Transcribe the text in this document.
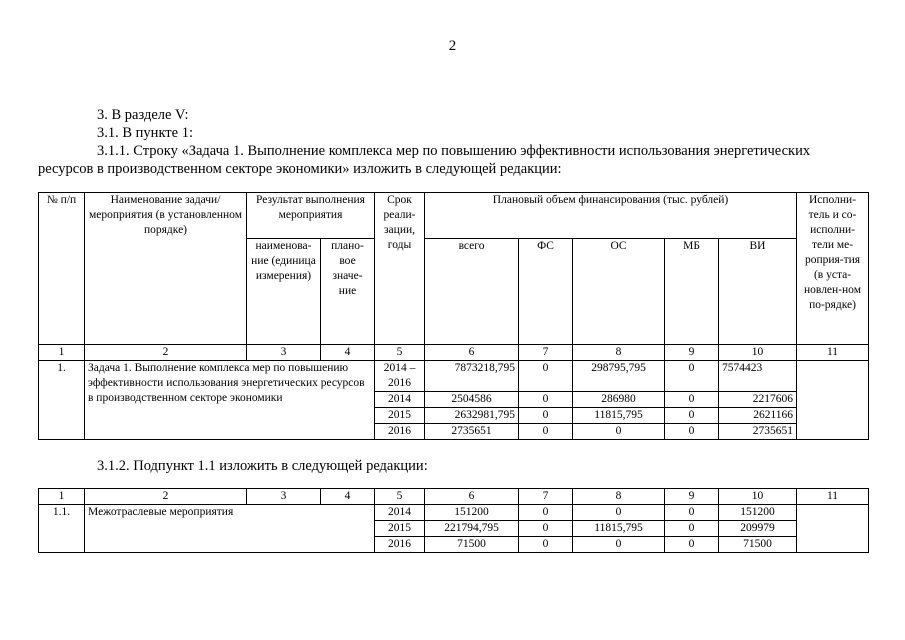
2
3. В разделе V:
3.1. В пункте 1:
3.1.1. Строку «Задача 1. Выполнение комплекса мер по повышению эффективности использования энергетических
ресурсов в производственном секторе экономики» изложить в следующей редакции:
№ п/п	Наименование задачи/мероприятия (в установленном порядке)	Результат выполнения мероприятия		Срок реали-зации, годы	Плановый объем финансирования (тыс. рублей)					Исполни-тель и со-исполни-тели ме-роприя-тия (в уста-новлен-ном по-рядке)
		наименова-ние (единица измерения)	плано-вое значе-ние		всего	ФС	ОС	МБ	ВИ	
1	2	3	4	5	6	7	8	9	10	11
1.	Задача 1. Выполнение комплекса мер по повышению эффективности использования энергетических ресурсов в производственном секторе экономики			2014 – 2016	7873218,795	0	298795,795	0	7574423	
				2014	2504586	0	286980	0	2217606	
				2015	2632981,795	0	11815,795	0	2621166	
				2016	2735651	0	0	0	2735651	
3.1.2. Подпункт 1.1 изложить в следующей редакции:
1	2	3	4	5	6	7	8	9	10	11
1.1.	Межотраслевые мероприятия			2014	151200	0	0	0	151200	
				2015	221794,795	0	11815,795	0	209979	
				2016	71500	0	0	0	71500	
